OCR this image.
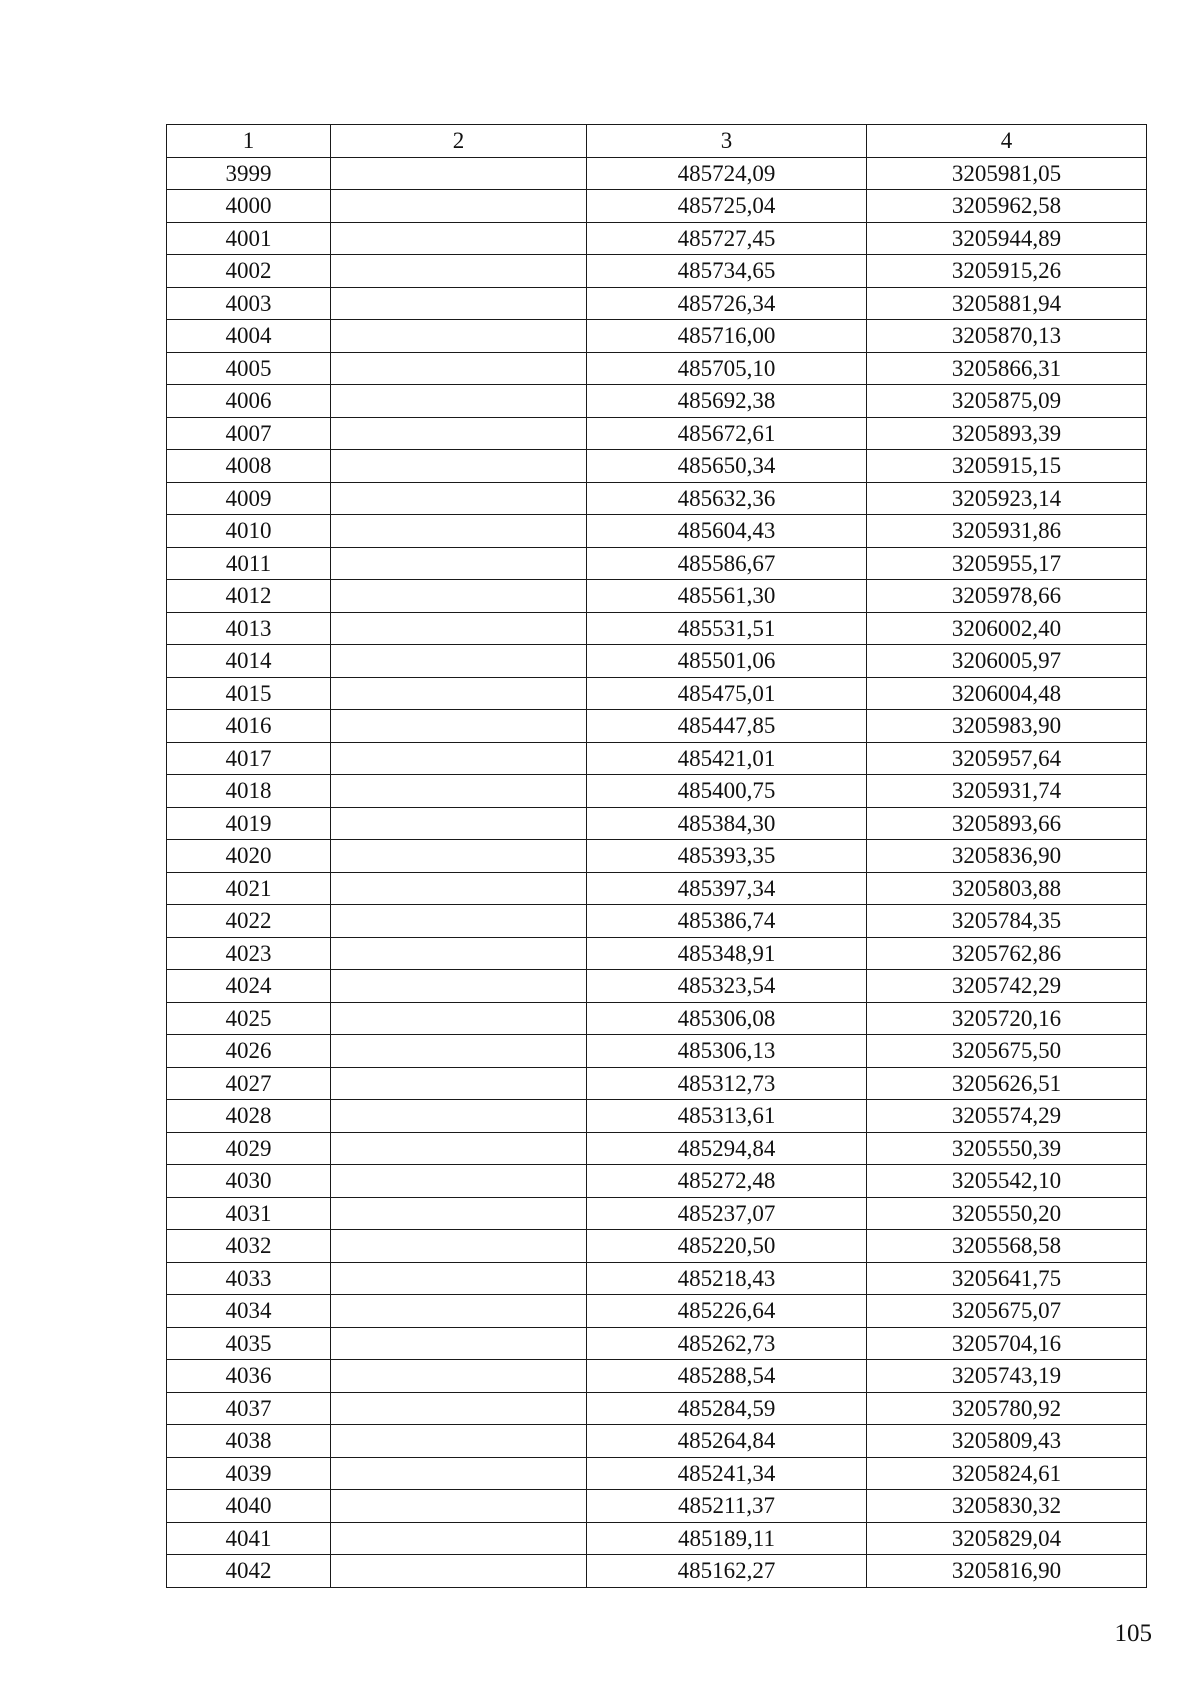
1	2	3	4
3999		485724,09	3205981,05
4000		485725,04	3205962,58
4001		485727,45	3205944,89
4002		485734,65	3205915,26
4003		485726,34	3205881,94
4004		485716,00	3205870,13
4005		485705,10	3205866,31
4006		485692,38	3205875,09
4007		485672,61	3205893,39
4008		485650,34	3205915,15
4009		485632,36	3205923,14
4010		485604,43	3205931,86
4011		485586,67	3205955,17
4012		485561,30	3205978,66
4013		485531,51	3206002,40
4014		485501,06	3206005,97
4015		485475,01	3206004,48
4016		485447,85	3205983,90
4017		485421,01	3205957,64
4018		485400,75	3205931,74
4019		485384,30	3205893,66
4020		485393,35	3205836,90
4021		485397,34	3205803,88
4022		485386,74	3205784,35
4023		485348,91	3205762,86
4024		485323,54	3205742,29
4025		485306,08	3205720,16
4026		485306,13	3205675,50
4027		485312,73	3205626,51
4028		485313,61	3205574,29
4029		485294,84	3205550,39
4030		485272,48	3205542,10
4031		485237,07	3205550,20
4032		485220,50	3205568,58
4033		485218,43	3205641,75
4034		485226,64	3205675,07
4035		485262,73	3205704,16
4036		485288,54	3205743,19
4037		485284,59	3205780,92
4038		485264,84	3205809,43
4039		485241,34	3205824,61
4040		485211,37	3205830,32
4041		485189,11	3205829,04
4042		485162,27	3205816,90
105
